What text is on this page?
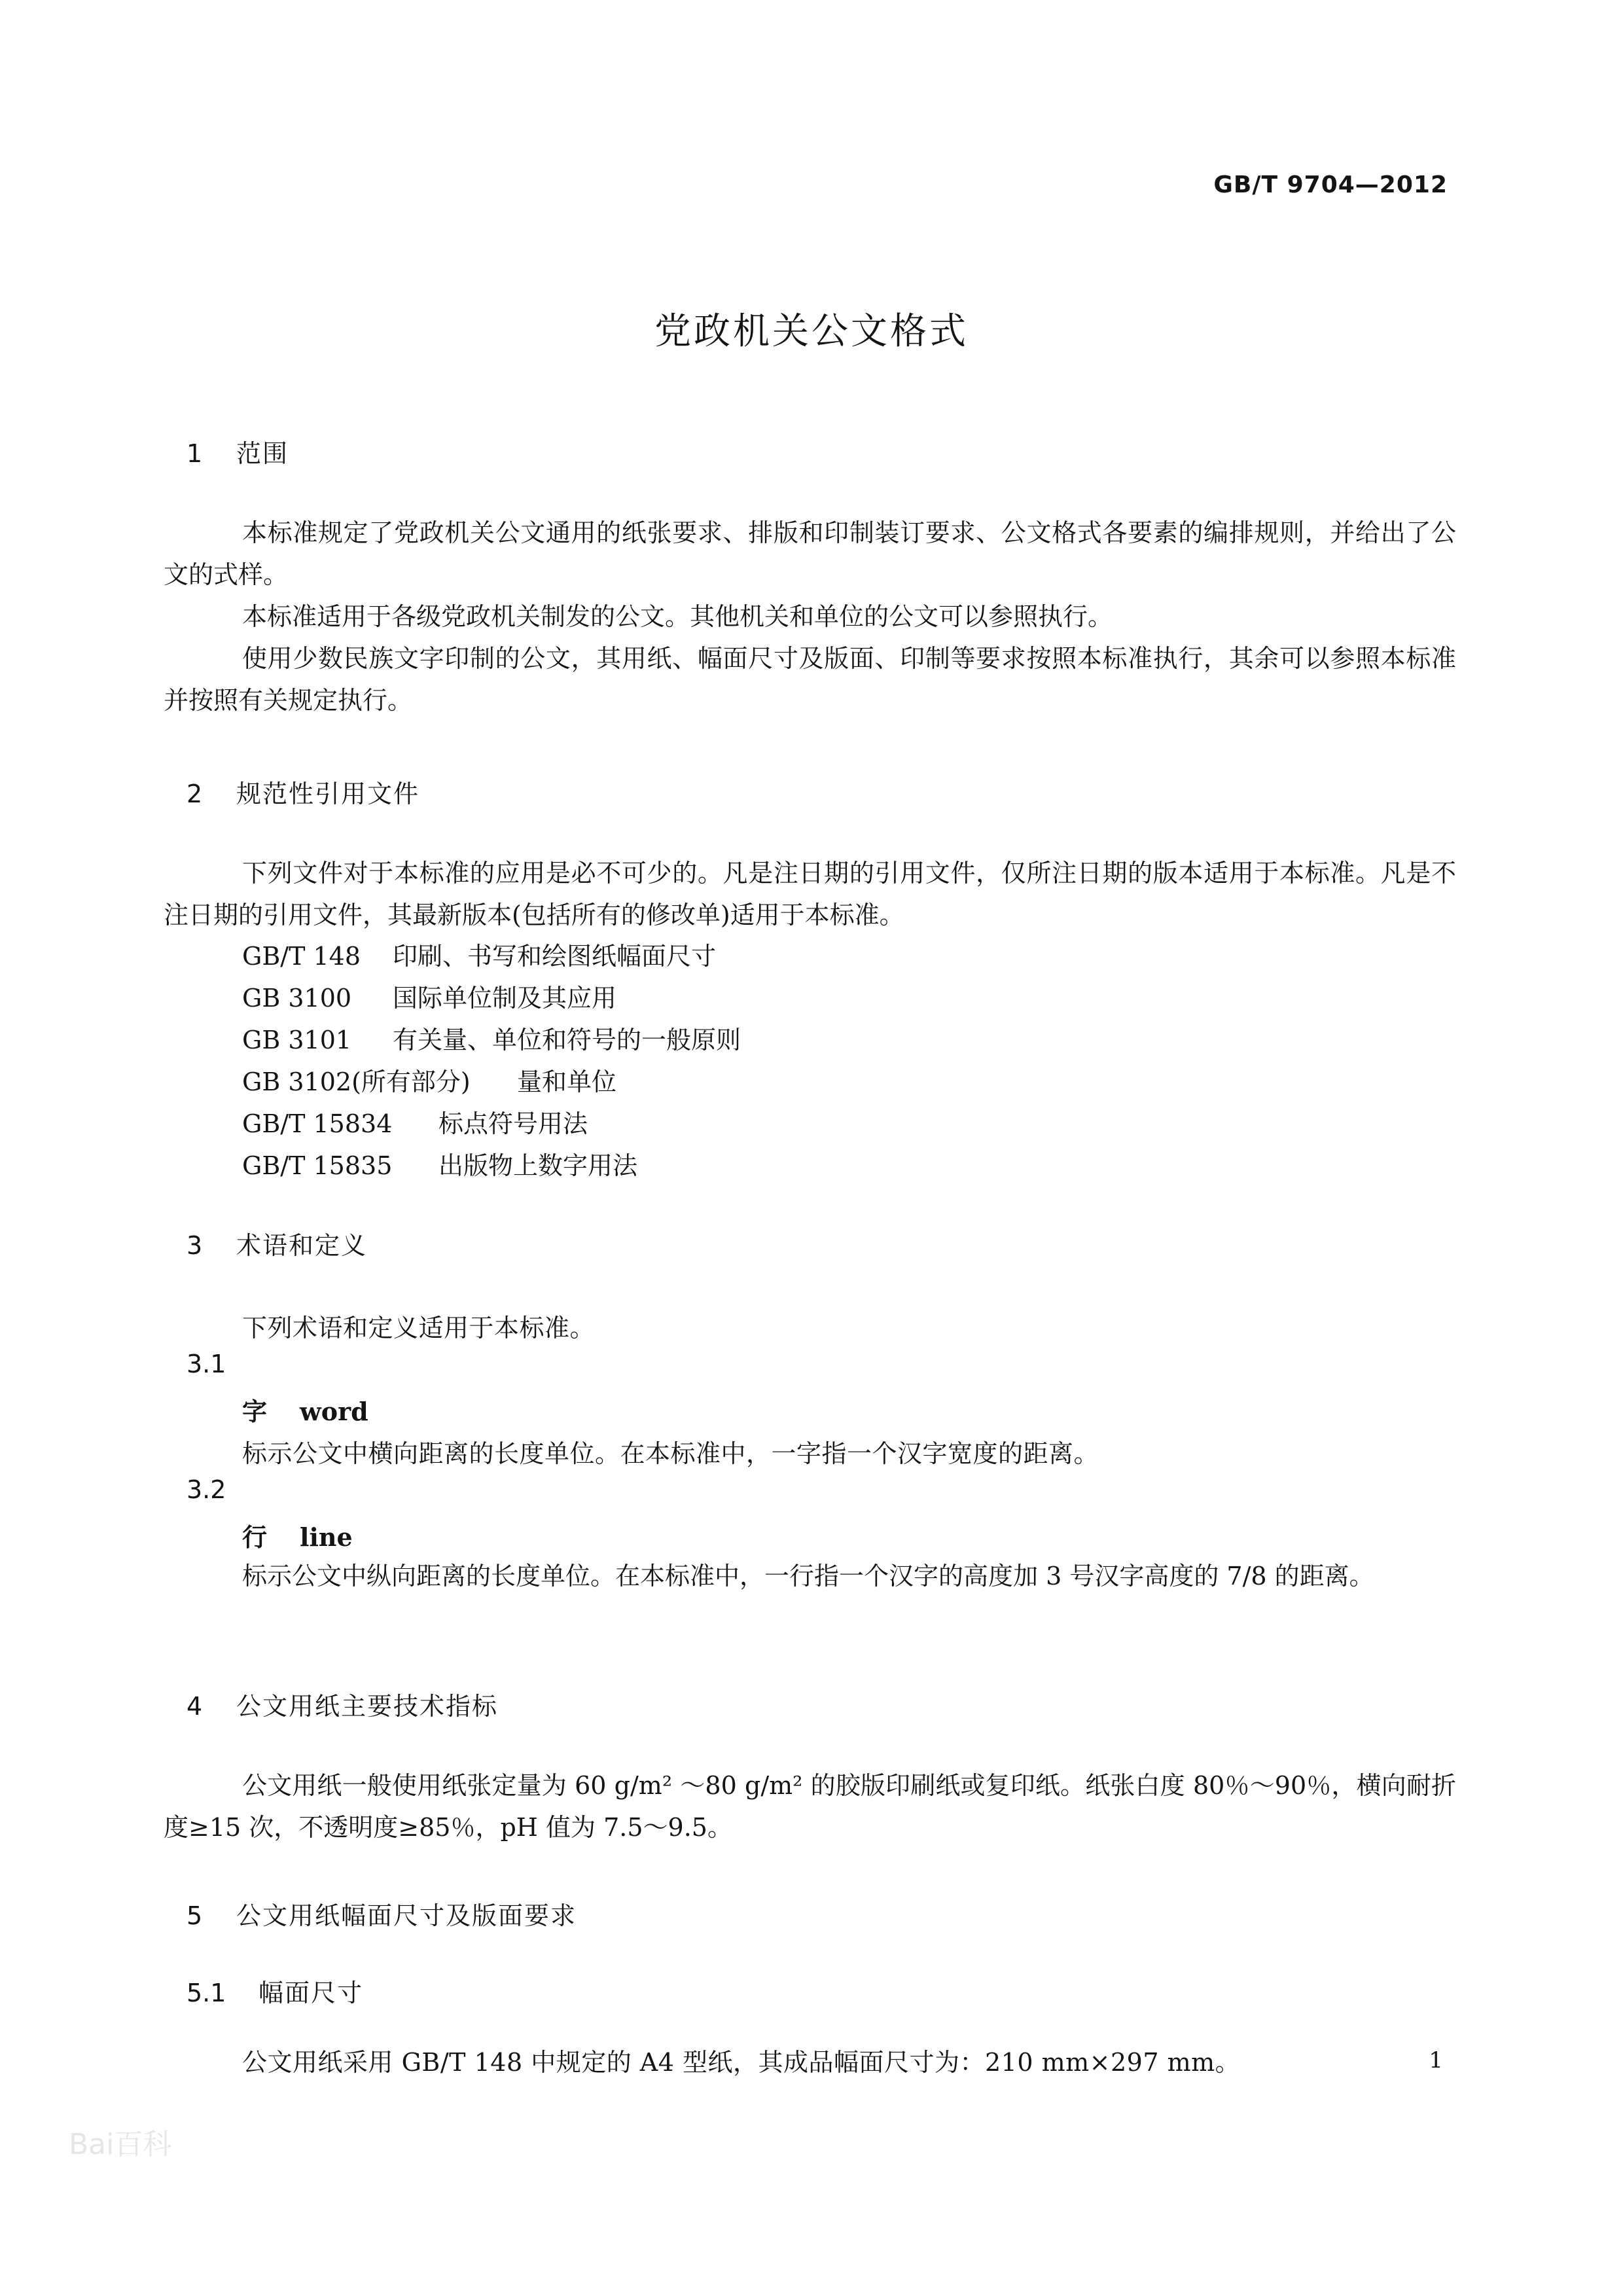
GB/T 9704—2012
党政机关公文格式
1 范围
本标准规定了党政机关公文通用的纸张要求、排版和印制装订要求、公文格式各要素的编排规则，并给出了公文的式样。
本标准适用于各级党政机关制发的公文。其他机关和单位的公文可以参照执行。
使用少数民族文字印制的公文，其用纸、幅面尺寸及版面、印制等要求按照本标准执行，其余可以参照本标准并按照有关规定执行。
2 规范性引用文件
下列文件对于本标准的应用是必不可少的。凡是注日期的引用文件，仅所注日期的版本适用于本标准。凡是不注日期的引用文件，其最新版本(包括所有的修改单)适用于本标准。
GB/T 148 印刷、书写和绘图纸幅面尺寸
GB 3100 国际单位制及其应用
GB 3101 有关量、单位和符号的一般原则
GB 3102(所有部分) 量和单位
GB/T 15834 标点符号用法
GB/T 15835 出版物上数字用法
3 术语和定义
下列术语和定义适用于本标准。
3.1
字 word
标示公文中横向距离的长度单位。在本标准中，一字指一个汉字宽度的距离。
3.2
行 line
标示公文中纵向距离的长度单位。在本标准中，一行指一个汉字的高度加 3 号汉字高度的 7/8 的距离。
4 公文用纸主要技术指标
公文用纸一般使用纸张定量为 60 g/m² ～80 g/m² 的胶版印刷纸或复印纸。纸张白度 80％～90％，横向耐折度≥15 次，不透明度≥85％，pH 值为 7.5～9.5。
5 公文用纸幅面尺寸及版面要求
5.1 幅面尺寸
公文用纸采用 GB/T 148 中规定的 A4 型纸，其成品幅面尺寸为：210 mm×297 mm。	1
Bai百科
